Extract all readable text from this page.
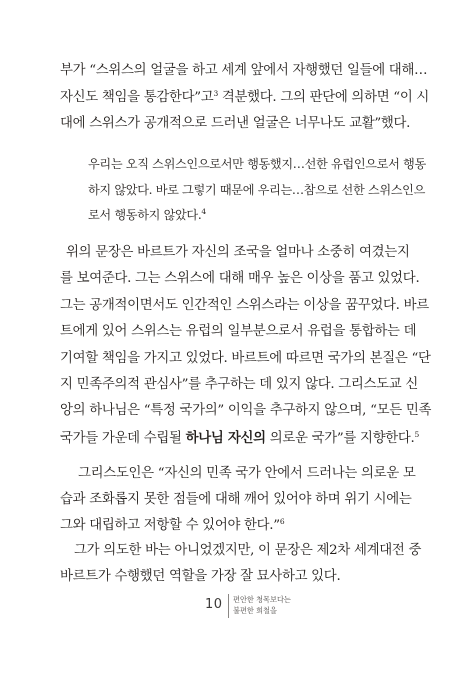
부가 “스위스의 얼굴을 하고 세계 앞에서 자행했던 일들에 대해…
자신도 책임을 통감한다”고$^3$ 격분했다. 그의 판단에 의하면 “이 시
대에 스위스가 공개적으로 드러낸 얼굴은 너무나도 교활”했다.
우리는 오직 스위스인으로서만 행동했지…선한 유럽인으로서 행동
하지 않았다. 바로 그렇기 때문에 우리는…참으로 선한 스위스인으
로서 행동하지 않았다.$^4$
위의 문장은 바르트가 자신의 조국을 얼마나 소중히 여겼는지
를 보여준다. 그는 스위스에 대해 매우 높은 이상을 품고 있었다.
그는 공개적이면서도 인간적인 스위스라는 이상을 꿈꾸었다. 바르
트에게 있어 스위스는 유럽의 일부분으로서 유럽을 통합하는 데
기여할 책임을 가지고 있었다. 바르트에 따르면 국가의 본질은 “단
지 민족주의적 관심사”를 추구하는 데 있지 않다. 그리스도교 신
앙의 하나님은 “특정 국가의” 이익을 추구하지 않으며, “모든 민족
국가들 가운데 수립될 하나님 자신의 의로운 국가”를 지향한다.$^5$
그리스도인은 “자신의 민족 국가 안에서 드러나는 의로운 모
습과 조화롭지 못한 점들에 대해 깨어 있어야 하며 위기 시에는
그와 대립하고 저항할 수 있어야 한다.”$^6$
그가 의도한 바는 아니었겠지만, 이 문장은 제2차 세계대전 중
바르트가 수행했던 역할을 가장 잘 묘사하고 있다.
10 편안한 청목보다는
불편한 희철을
